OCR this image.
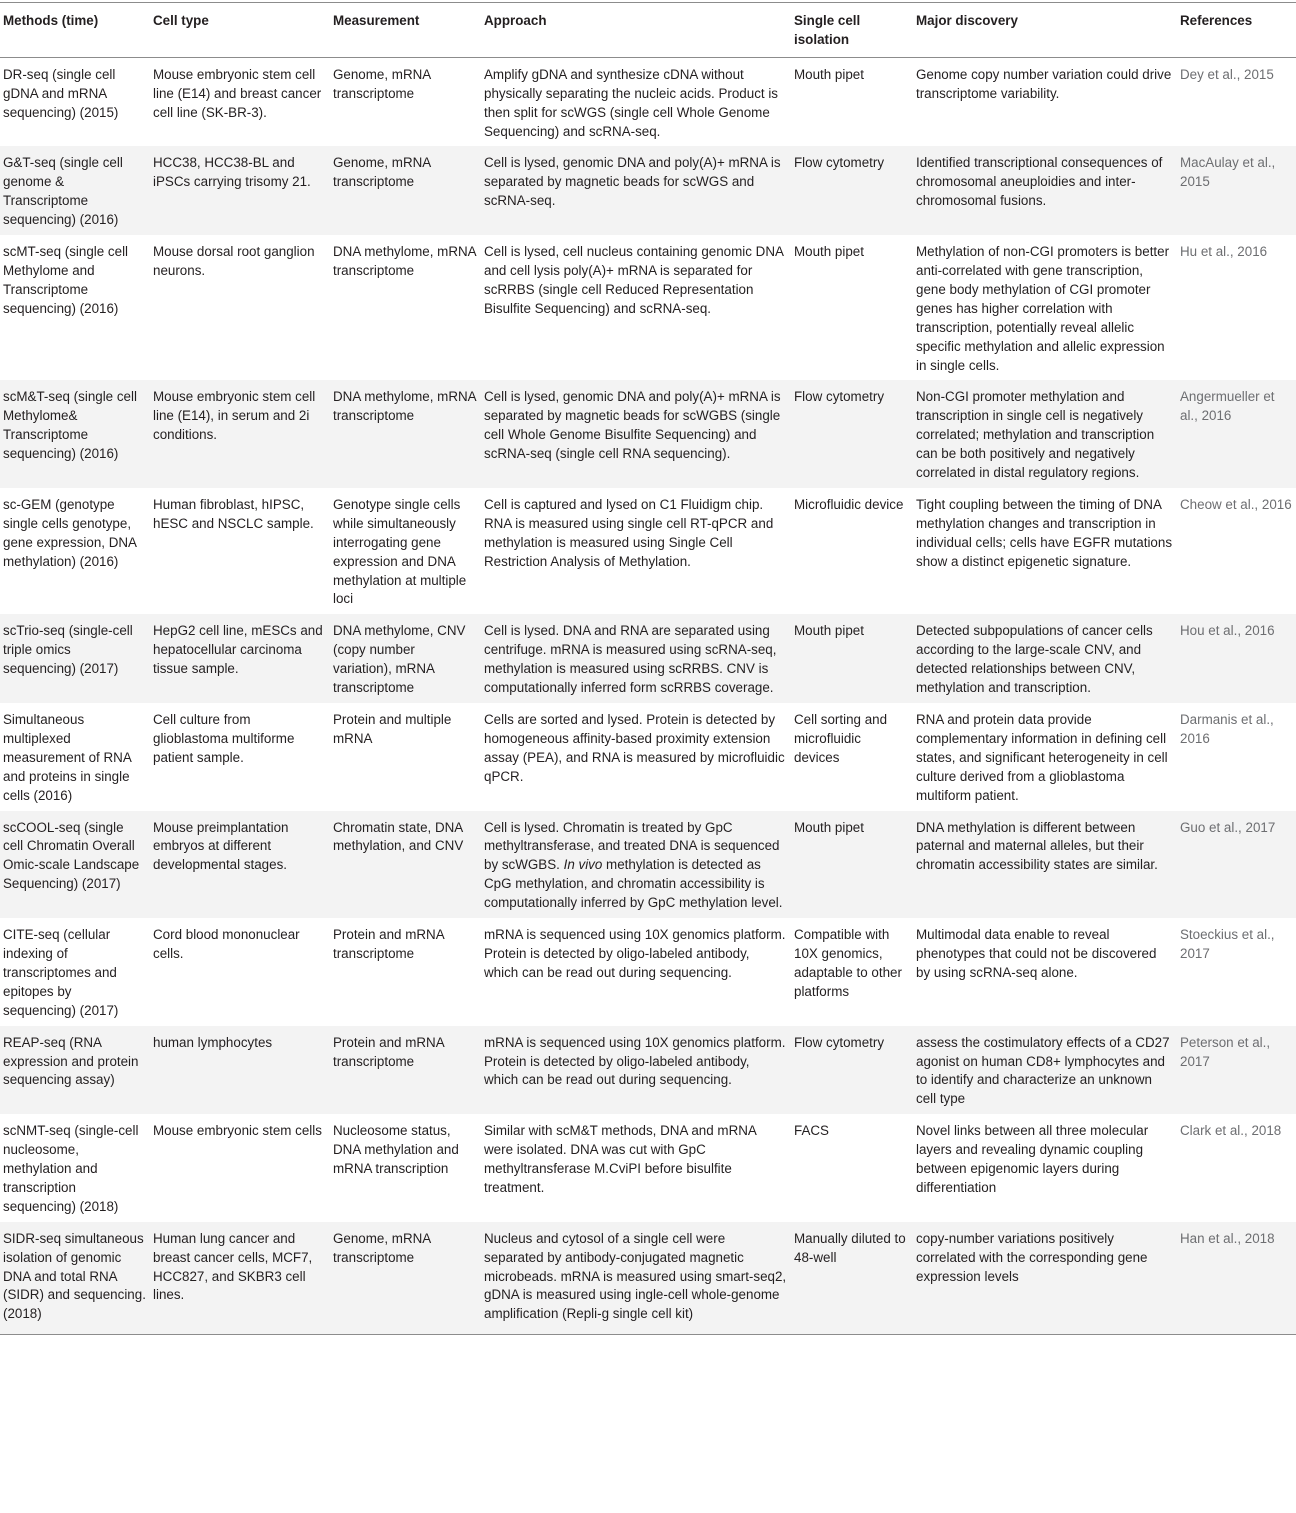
Methods (time)	Cell type	Measurement	Approach	Single cell isolation	Major discovery	References
DR-seq (single cell gDNA and mRNA sequencing) (2015)	Mouse embryonic stem cell line (E14) and breast cancer cell line (SK-BR-3).	Genome, mRNA transcriptome	Amplify gDNA and synthesize cDNA without physically separating the nucleic acids. Product is then split for scWGS (single cell Whole Genome Sequencing) and scRNA-seq.	Mouth pipet	Genome copy number variation could drive transcriptome variability.	Dey et al., 2015
G&T-seq (single cell genome & Transcriptome sequencing) (2016)	HCC38, HCC38-BL and iPSCs carrying trisomy 21.	Genome, mRNA transcriptome	Cell is lysed, genomic DNA and poly(A)+ mRNA is separated by magnetic beads for scWGS and scRNA-seq.	Flow cytometry	Identified transcriptional consequences of chromosomal aneuploidies and inter-chromosomal fusions.	MacAulay et al., 2015
scMT-seq (single cell Methylome and Transcriptome sequencing) (2016)	Mouse dorsal root ganglion neurons.	DNA methylome, mRNA transcriptome	Cell is lysed, cell nucleus containing genomic DNA and cell lysis poly(A)+ mRNA is separated for scRRBS (single cell Reduced Representation Bisulfite Sequencing) and scRNA-seq.	Mouth pipet	Methylation of non-CGI promoters is better anti-correlated with gene transcription, gene body methylation of CGI promoter genes has higher correlation with transcription, potentially reveal allelic specific methylation and allelic expression in single cells.	Hu et al., 2016
scM&T-seq (single cell Methylome& Transcriptome sequencing) (2016)	Mouse embryonic stem cell line (E14), in serum and 2i conditions.	DNA methylome, mRNA transcriptome	Cell is lysed, genomic DNA and poly(A)+ mRNA is separated by magnetic beads for scWGBS (single cell Whole Genome Bisulfite Sequencing) and scRNA-seq (single cell RNA sequencing).	Flow cytometry	Non-CGI promoter methylation and transcription in single cell is negatively correlated; methylation and transcription can be both positively and negatively correlated in distal regulatory regions.	Angermueller et al., 2016
sc-GEM (genotype single cells genotype, gene expression, DNA methylation) (2016)	Human fibroblast, hIPSC, hESC and NSCLC sample.	Genotype single cells while simultaneously interrogating gene expression and DNA methylation at multiple loci	Cell is captured and lysed on C1 Fluidigm chip. RNA is measured using single cell RT-qPCR and methylation is measured using Single Cell Restriction Analysis of Methylation.	Microfluidic device	Tight coupling between the timing of DNA methylation changes and transcription in individual cells; cells have EGFR mutations show a distinct epigenetic signature.	Cheow et al., 2016
scTrio-seq (single-cell triple omics sequencing) (2017)	HepG2 cell line, mESCs and hepatocellular carcinoma tissue sample.	DNA methylome, CNV (copy number variation), mRNA transcriptome	Cell is lysed. DNA and RNA are separated using centrifuge. mRNA is measured using scRNA-seq, methylation is measured using scRRBS. CNV is computationally inferred form scRRBS coverage.	Mouth pipet	Detected subpopulations of cancer cells according to the large-scale CNV, and detected relationships between CNV, methylation and transcription.	Hou et al., 2016
Simultaneous multiplexed measurement of RNA and proteins in single cells (2016)	Cell culture from glioblastoma multiforme patient sample.	Protein and multiple mRNA	Cells are sorted and lysed. Protein is detected by homogeneous affinity-based proximity extension assay (PEA), and RNA is measured by microfluidic qPCR.	Cell sorting and microfluidic devices	RNA and protein data provide complementary information in defining cell states, and significant heterogeneity in cell culture derived from a glioblastoma multiform patient.	Darmanis et al., 2016
scCOOL-seq (single cell Chromatin Overall Omic-scale Landscape Sequencing) (2017)	Mouse preimplantation embryos at different developmental stages.	Chromatin state, DNA methylation, and CNV	Cell is lysed. Chromatin is treated by GpC methyltransferase, and treated DNA is sequenced by scWGBS. In vivo methylation is detected as CpG methylation, and chromatin accessibility is computationally inferred by GpC methylation level.	Mouth pipet	DNA methylation is different between paternal and maternal alleles, but their chromatin accessibility states are similar.	Guo et al., 2017
CITE-seq (cellular indexing of transcriptomes and epitopes by sequencing) (2017)	Cord blood mononuclear cells.	Protein and mRNA transcriptome	mRNA is sequenced using 10X genomics platform. Protein is detected by oligo-labeled antibody, which can be read out during sequencing.	Compatible with 10X genomics, adaptable to other platforms	Multimodal data enable to reveal phenotypes that could not be discovered by using scRNA-seq alone.	Stoeckius et al., 2017
REAP-seq (RNA expression and protein sequencing assay)	human lymphocytes	Protein and mRNA transcriptome	mRNA is sequenced using 10X genomics platform. Protein is detected by oligo-labeled antibody, which can be read out during sequencing.	Flow cytometry	assess the costimulatory effects of a CD27 agonist on human CD8+ lymphocytes and to identify and characterize an unknown cell type	Peterson et al., 2017
scNMT-seq (single-cell nucleosome, methylation and transcription sequencing) (2018)	Mouse embryonic stem cells	Nucleosome status, DNA methylation and mRNA transcription	Similar with scM&T methods, DNA and mRNA were isolated. DNA was cut with GpC methyltransferase M.CviPI before bisulfite treatment.	FACS	Novel links between all three molecular layers and revealing dynamic coupling between epigenomic layers during differentiation	Clark et al., 2018
SIDR-seq simultaneous isolation of genomic DNA and total RNA (SIDR) and sequencing. (2018)	Human lung cancer and breast cancer cells, MCF7, HCC827, and SKBR3 cell lines.	Genome, mRNA transcriptome	Nucleus and cytosol of a single cell were separated by antibody-conjugated magnetic microbeads. mRNA is measured using smart-seq2, gDNA is measured using ingle-cell whole-genome amplification (Repli-g single cell kit)	Manually diluted to 48-well	copy-number variations positively correlated with the corresponding gene expression levels	Han et al., 2018
